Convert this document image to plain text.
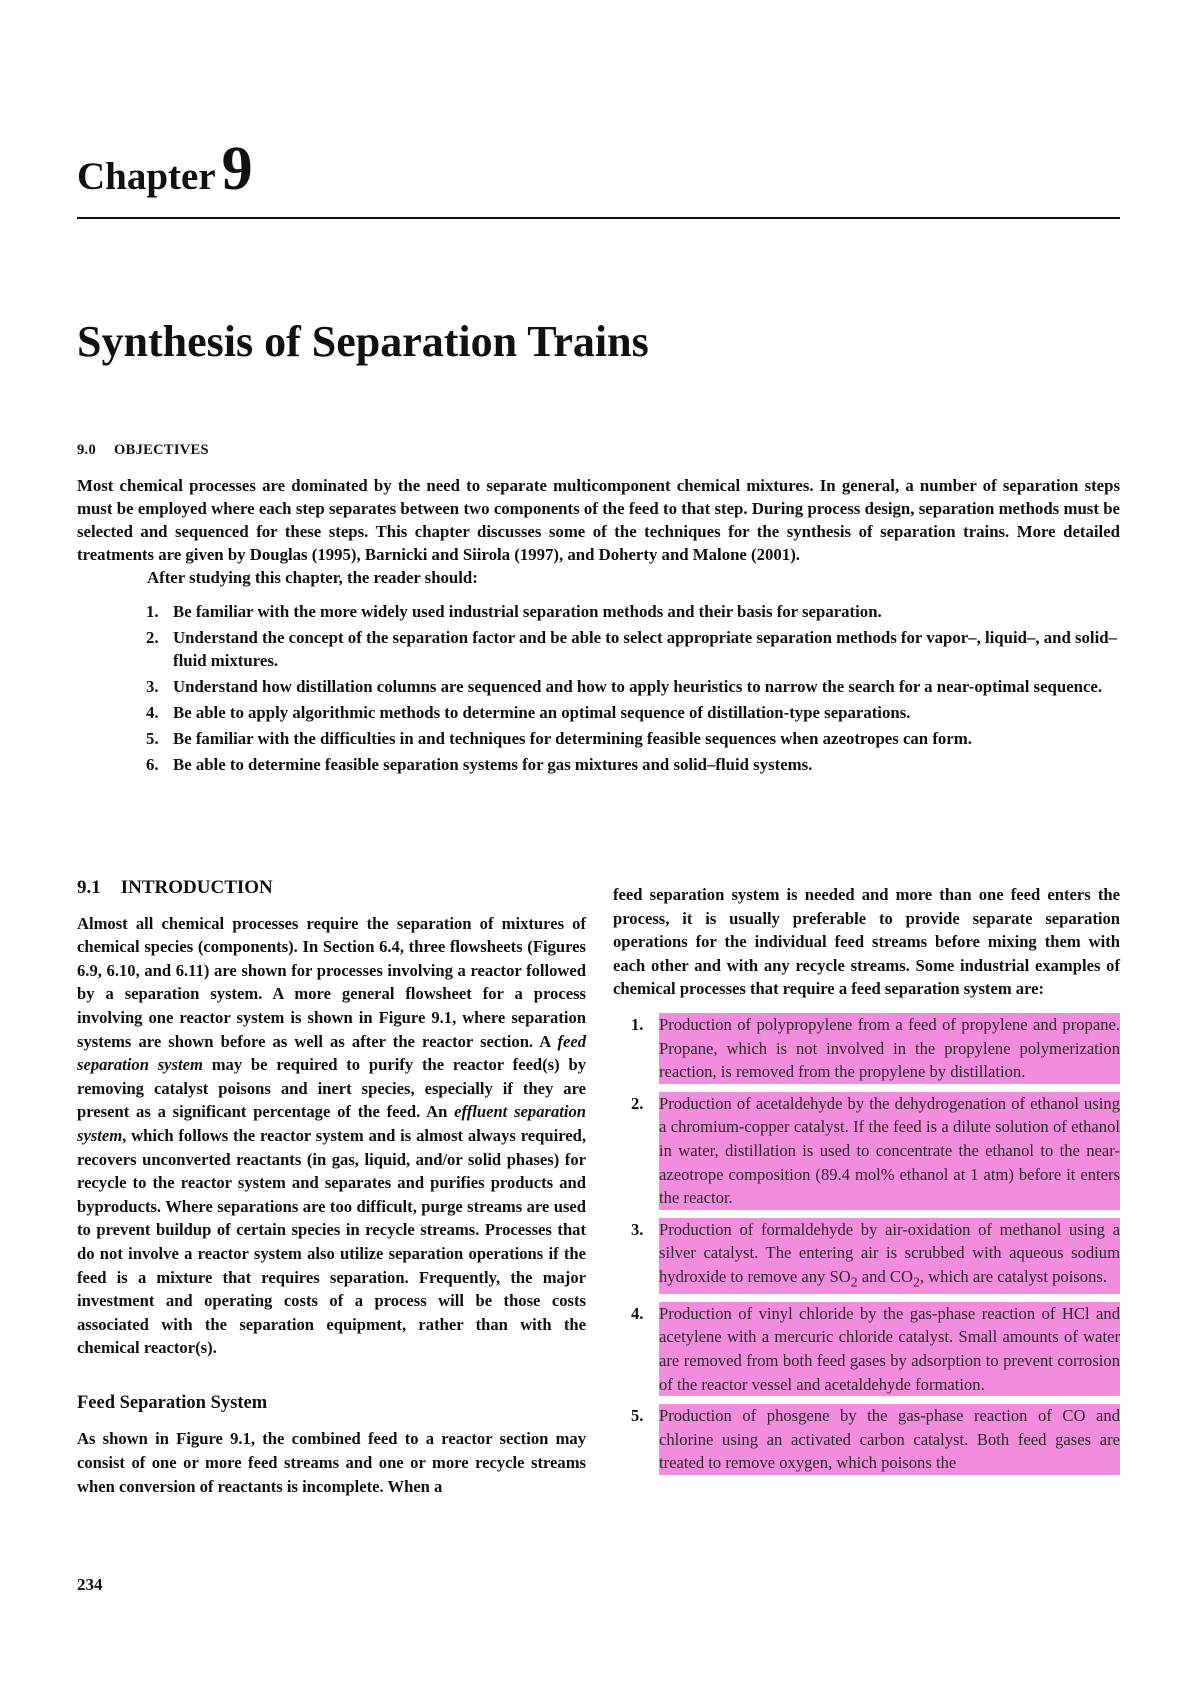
Chapter9
Synthesis of Separation Trains
9.0 OBJECTIVES

Most chemical processes are dominated by the need to separate multicomponent chemical mixtures. In general, a number of separation steps must be employed where each step separates between two components of the feed to that step. During process design, separation methods must be selected and sequenced for these steps. This chapter discusses some of the techniques for the synthesis of separation trains. More detailed treatments are given by Douglas (1995), Barnicki and Siirola (1997), and Doherty and Malone (2001).

After studying this chapter, the reader should:

1. Be familiar with the more widely used industrial separation methods and their basis for separation.
2. Understand the concept of the separation factor and be able to select appropriate separation methods for vapor–, liquid–, and solid–fluid mixtures.
3. Understand how distillation columns are sequenced and how to apply heuristics to narrow the search for a near-optimal sequence.
4. Be able to apply algorithmic methods to determine an optimal sequence of distillation-type separations.
5. Be familiar with the difficulties in and techniques for determining feasible sequences when azeotropes can form.
6. Be able to determine feasible separation systems for gas mixtures and solid–fluid systems.
9.1 INTRODUCTION

Almost all chemical processes require the separation of mixtures of chemical species (components). In Section 6.4, three flowsheets (Figures 6.9, 6.10, and 6.11) are shown for processes involving a reactor followed by a separation system. A more general flowsheet for a process involving one reactor system is shown in Figure 9.1, where separation systems are shown before as well as after the reactor section. A feed separation system may be required to purify the reactor feed(s) by removing catalyst poisons and inert species, especially if they are present as a significant percentage of the feed. An effluent separation system, which follows the reactor system and is almost always required, recovers unconverted reactants (in gas, liquid, and/or solid phases) for recycle to the reactor system and separates and purifies products and byproducts. Where separations are too difficult, purge streams are used to prevent buildup of certain species in recycle streams. Processes that do not involve a reactor system also utilize separation operations if the feed is a mixture that requires separation. Frequently, the major investment and operating costs of a process will be those costs associated with the separation equipment, rather than with the chemical reactor(s).

Feed Separation System

As shown in Figure 9.1, the combined feed to a reactor section may consist of one or more feed streams and one or more recycle streams when conversion of reactants is incomplete. When a

feed separation system is needed and more than one feed enters the process, it is usually preferable to provide separate separation operations for the individual feed streams before mixing them with each other and with any recycle streams. Some industrial examples of chemical processes that require a feed separation system are:

1. Production of polypropylene from a feed of propylene and propane. Propane, which is not involved in the propylene polymerization reaction, is removed from the propylene by distillation.
2. Production of acetaldehyde by the dehydrogenation of ethanol using a chromium-copper catalyst. If the feed is a dilute solution of ethanol in water, distillation is used to concentrate the ethanol to the near-azeotrope composition (89.4 mol% ethanol at 1 atm) before it enters the reactor.
3. Production of formaldehyde by air-oxidation of methanol using a silver catalyst. The entering air is scrubbed with aqueous sodium hydroxide to remove any $SO_2$ and $CO_2$, which are catalyst poisons.
4. Production of vinyl chloride by the gas-phase reaction of HCl and acetylene with a mercuric chloride catalyst. Small amounts of water are removed from both feed gases by adsorption to prevent corrosion of the reactor vessel and acetaldehyde formation.
5. Production of phosgene by the gas-phase reaction of CO and chlorine using an activated carbon catalyst. Both feed gases are treated to remove oxygen, which poisons the
234
